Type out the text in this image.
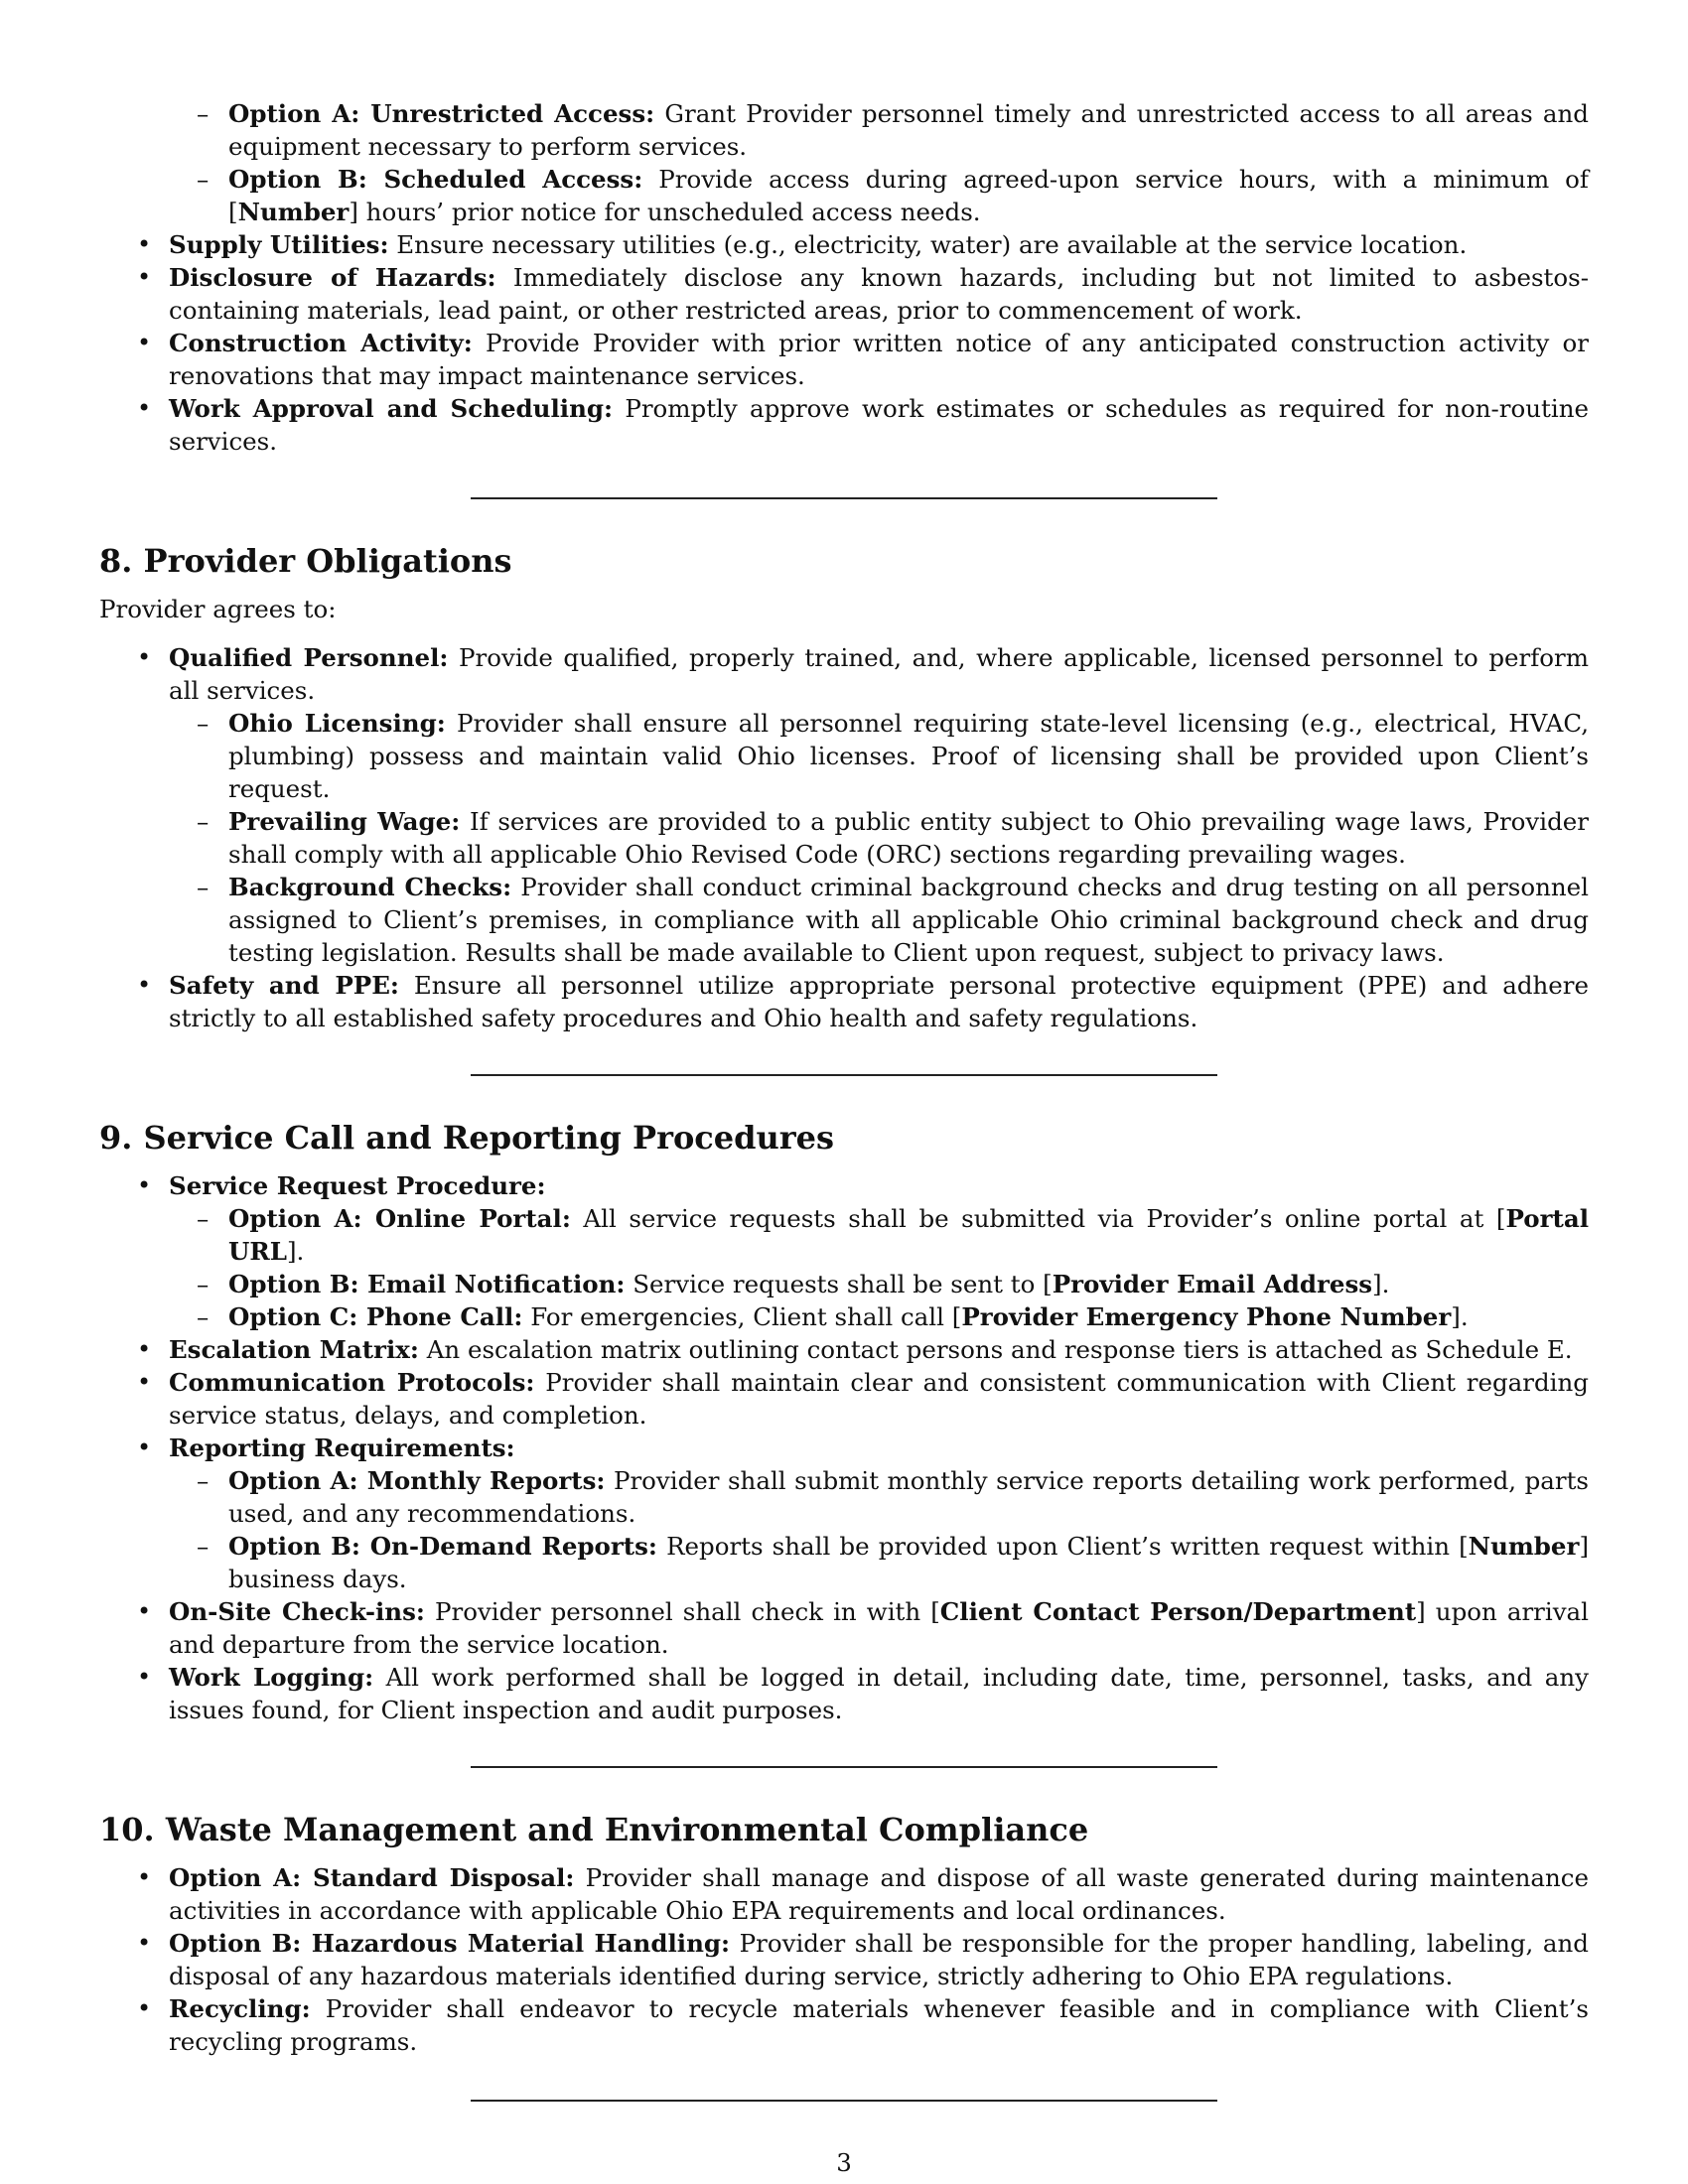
– Option A: Unrestricted Access: Grant Provider personnel timely and unrestricted access to all areas and equipment necessary to perform services.
– Option B: Scheduled Access: Provide access during agreed-upon service hours, with a minimum of [Number] hours’ prior notice for unscheduled access needs.
• Supply Utilities: Ensure necessary utilities (e.g., electricity, water) are available at the service location.
• Disclosure of Hazards: Immediately disclose any known hazards, including but not limited to asbestos-containing materials, lead paint, or other restricted areas, prior to commencement of work.
• Construction Activity: Provide Provider with prior written notice of any anticipated construction activity or renovations that may impact maintenance services.
• Work Approval and Scheduling: Promptly approve work estimates or schedules as required for non-routine services.
8. Provider Obligations

Provider agrees to:

• Qualified Personnel: Provide qualified, properly trained, and, where applicable, licensed personnel to perform all services.
– Ohio Licensing: Provider shall ensure all personnel requiring state-level licensing (e.g., electrical, HVAC, plumbing) possess and maintain valid Ohio licenses. Proof of licensing shall be provided upon Client’s request.
– Prevailing Wage: If services are provided to a public entity subject to Ohio prevailing wage laws, Provider shall comply with all applicable Ohio Revised Code (ORC) sections regarding prevailing wages.
– Background Checks: Provider shall conduct criminal background checks and drug testing on all personnel assigned to Client’s premises, in compliance with all applicable Ohio criminal background check and drug testing legislation. Results shall be made available to Client upon request, subject to privacy laws.
• Safety and PPE: Ensure all personnel utilize appropriate personal protective equipment (PPE) and adhere strictly to all established safety procedures and Ohio health and safety regulations.
9. Service Call and Reporting Procedures
• Service Request Procedure:
– Option A: Online Portal: All service requests shall be submitted via Provider’s online portal at [Portal URL].
– Option B: Email Notification: Service requests shall be sent to [Provider Email Address].
– Option C: Phone Call: For emergencies, Client shall call [Provider Emergency Phone Number].
• Escalation Matrix: An escalation matrix outlining contact persons and response tiers is attached as Schedule E.
• Communication Protocols: Provider shall maintain clear and consistent communication with Client regarding service status, delays, and completion.
• Reporting Requirements:
– Option A: Monthly Reports: Provider shall submit monthly service reports detailing work performed, parts used, and any recommendations.
– Option B: On-Demand Reports: Reports shall be provided upon Client’s written request within [Number] business days.
• On-Site Check-ins: Provider personnel shall check in with [Client Contact Person/Department] upon arrival and departure from the service location.
• Work Logging: All work performed shall be logged in detail, including date, time, personnel, tasks, and any issues found, for Client inspection and audit purposes.
10. Waste Management and Environmental Compliance
• Option A: Standard Disposal: Provider shall manage and dispose of all waste generated during maintenance activities in accordance with applicable Ohio EPA requirements and local ordinances.
• Option B: Hazardous Material Handling: Provider shall be responsible for the proper handling, labeling, and disposal of any hazardous materials identified during service, strictly adhering to Ohio EPA regulations.
• Recycling: Provider shall endeavor to recycle materials whenever feasible and in compliance with Client’s recycling programs.
3
